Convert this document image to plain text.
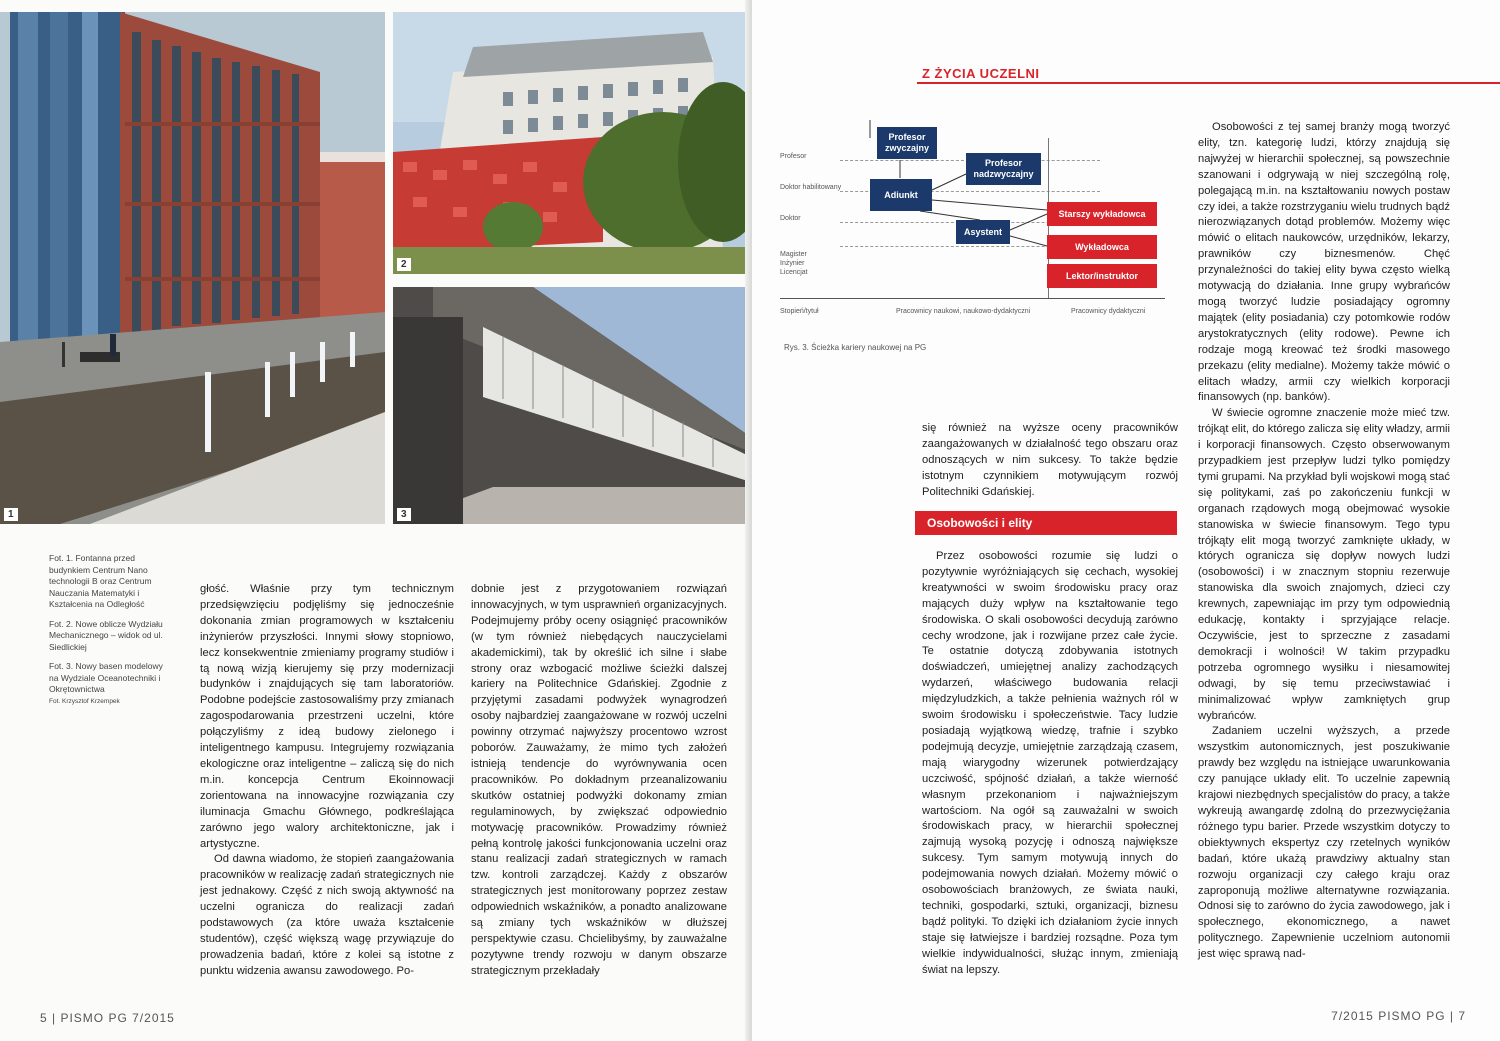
1
2
3

Fot. 1. Fontanna przed budynkiem Centrum Nano technologii B oraz Centrum Nauczania Matematyki i Kształcenia na Odległość

Fot. 2. Nowe oblicze Wydziału Mechanicznego – widok od ul. Siedlickiej

Fot. 3. Nowy basen modelowy na Wydziale Oceanotechniki i Okrętownictwa

Fot. Krzysztof Krzempek

głość. Właśnie przy tym technicznym przedsięwzięciu podjęliśmy się jednocześnie dokonania zmian programowych w kształceniu inżynierów przyszłości. Innymi słowy stopniowo, lecz konsekwentnie zmieniamy programy studiów i tą nową wizją kierujemy się przy modernizacji budynków i znajdujących się tam laboratoriów. Podobne podejście zastosowaliśmy przy zmianach zagospodarowania przestrzeni uczelni, które połączyliśmy z ideą budowy zielonego i inteligentnego kampusu. Integrujemy rozwiązania ekologiczne oraz inteligentne – zaliczą się do nich m.in. koncepcja Centrum Ekoinnowacji zorientowana na innowacyjne rozwiązania czy iluminacja Gmachu Głównego, podkreślająca zarówno jego walory architektoniczne, jak i artystyczne.

Od dawna wiadomo, że stopień zaangażowania pracowników w realizację zadań strategicznych nie jest jednakowy. Część z nich swoją aktywność na uczelni ogranicza do realizacji zadań podstawowych (za które uważa kształcenie studentów), część większą wagę przywiązuje do prowadzenia badań, które z kolei są istotne z punktu widzenia awansu zawodowego. Po-

dobnie jest z przygotowaniem rozwiązań innowacyjnych, w tym usprawnień organizacyjnych. Podejmujemy próby oceny osiągnięć pracowników (w tym również niebędących nauczycielami akademickimi), tak by określić ich silne i słabe strony oraz wzbogacić możliwe ścieżki dalszej kariery na Politechnice Gdańskiej. Zgodnie z przyjętymi zasadami podwyżek wynagrodzeń osoby najbardziej zaangażowane w rozwój uczelni powinny otrzymać najwyższy procentowo wzrost poborów. Zauważamy, że mimo tych założeń istnieją tendencje do wyrównywania ocen pracowników. Po dokładnym przeanalizowaniu skutków ostatniej podwyżki dokonamy zmian regulaminowych, by zwiększać odpowiednio motywację pracowników. Prowadzimy również pełną kontrolę jakości funkcjonowania uczelni oraz stanu realizacji zadań strategicznych w ramach tzw. kontroli zarządczej. Każdy z obszarów strategicznych jest monitorowany poprzez zestaw odpowiednich wskaźników, a ponadto analizowane są zmiany tych wskaźników w dłuższej perspektywie czasu. Chcielibyśmy, by zauważalne pozytywne trendy rozwoju w danym obszarze strategicznym przekładały

5 | PISMO PG 7/2015
Z ŻYCIA UCZELNI
Profesor
Doktor habilitowany
Doktor
Magister Inżynier Licencjat
Stopień/tytuł
Profesor zwyczajny
Profesor nadzwyczajny
Adiunkt
Asystent
Starszy wykładowca
Wykładowca
Lektor/instruktor
Pracownicy naukowi, naukowo-dydaktyczni	Pracownicy dydaktyczni
Rys. 3. Ścieżka kariery naukowej na PG

się również na wyższe oceny pracowników zaangażowanych w działalność tego obszaru oraz odnoszących w nim sukcesy. To także będzie istotnym czynnikiem motywującym rozwój Politechniki Gdańskiej.

Osobowości i elity

Przez osobowości rozumie się ludzi o pozytywnie wyróżniających się cechach, wysokiej kreatywności w swoim środowisku pracy oraz mających duży wpływ na kształtowanie tego środowiska. O skali osobowości decydują zarówno cechy wrodzone, jak i rozwijane przez całe życie. Te ostatnie dotyczą zdobywania istotnych doświadczeń, umiejętnej analizy zachodzących wydarzeń, właściwego budowania relacji międzyludzkich, a także pełnienia ważnych ról w swoim środowisku i społeczeństwie. Tacy ludzie posiadają wyjątkową wiedzę, trafnie i szybko podejmują decyzje, umiejętnie zarządzają czasem, mają wiarygodny wizerunek potwierdzający uczciwość, spójność działań, a także wierność własnym przekonaniom i najważniejszym wartościom. Na ogół są zauważalni w swoich środowiskach pracy, w hierarchii społecznej zajmują wysoką pozycję i odnoszą największe sukcesy. Tym samym motywują innych do podejmowania nowych działań. Możemy mówić o osobowościach branżowych, ze świata nauki, techniki, gospodarki, sztuki, organizacji, biznesu bądź polityki. To dzięki ich działaniom życie innych staje się łatwiejsze i bardziej rozsądne. Poza tym wielkie indywidualności, służąc innym, zmieniają świat na lepszy.

Osobowości z tej samej branży mogą tworzyć elity, tzn. kategorię ludzi, którzy znajdują się najwyżej w hierarchii społecznej, są powszechnie szanowani i odgrywają w niej szczególną rolę, polegającą m.in. na kształtowaniu nowych postaw czy idei, a także rozstrzyganiu wielu trudnych bądź nierozwiązanych dotąd problemów. Możemy więc mówić o elitach naukowców, urzędników, lekarzy, prawników czy biznesmenów. Chęć przynależności do takiej elity bywa często wielką motywacją do działania. Inne grupy wybrańców mogą tworzyć ludzie posiadający ogromny majątek (elity posiadania) czy potomkowie rodów arystokratycznych (elity rodowe). Pewne ich rodzaje mogą kreować też środki masowego przekazu (elity medialne). Możemy także mówić o elitach władzy, armii czy wielkich korporacji finansowych (np. banków).

W świecie ogromne znaczenie może mieć tzw. trójkąt elit, do którego zalicza się elity władzy, armii i korporacji finansowych. Często obserwowanym przypadkiem jest przepływ ludzi tylko pomiędzy tymi grupami. Na przykład byli wojskowi mogą stać się politykami, zaś po zakończeniu funkcji w organach rządowych mogą obejmować wysokie stanowiska w świecie finansowym. Tego typu trójkąty elit mogą tworzyć zamknięte układy, w których ogranicza się dopływ nowych ludzi (osobowości) i w znacznym stopniu rezerwuje stanowiska dla swoich znajomych, dzieci czy krewnych, zapewniając im przy tym odpowiednią edukację, kontakty i sprzyjające relacje. Oczywiście, jest to sprzeczne z zasadami demokracji i wolności! W takim przypadku potrzeba ogromnego wysiłku i niesamowitej odwagi, by się temu przeciwstawiać i minimalizować wpływ zamkniętych grup wybrańców.

Zadaniem uczelni wyższych, a przede wszystkim autonomicznych, jest poszukiwanie prawdy bez względu na istniejące uwarunkowania czy panujące układy elit. To uczelnie zapewnią krajowi niezbędnych specjalistów do pracy, a także wykreują awangardę zdolną do przezwyciężania różnego typu barier. Przede wszystkim dotyczy to obiektywnych ekspertyz czy rzetelnych wyników badań, które ukażą prawdziwy aktualny stan rozwoju organizacji czy całego kraju oraz zaproponują możliwe alternatywne rozwiązania. Odnosi się to zarówno do życia zawodowego, jak i społecznego, ekonomicznego, a nawet politycznego. Zapewnienie uczelniom autonomii jest więc sprawą nad-

7/2015 PISMO PG | 7
